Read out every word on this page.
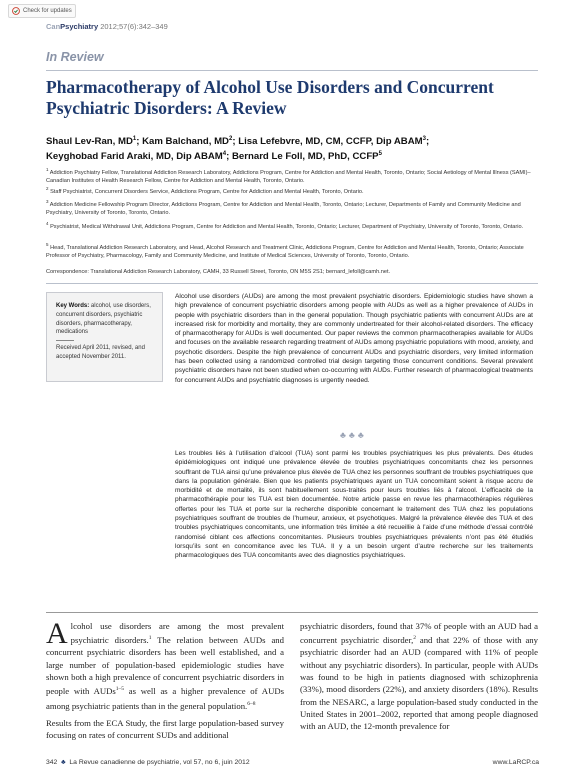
Check for updates
CanPsychiatry 2012;57(6):342–349
In Review
Pharmacotherapy of Alcohol Use Disorders and Concurrent Psychiatric Disorders: A Review
Shaul Lev-Ran, $MD^1$; Kam Balchand, $MD^2$; Lisa Lefebvre, MD, CM, CCFP, Dip ABAM$^3$;
Keyghobad Farid Araki, MD, Dip ABAM$^4$; Bernard Le Foll, MD, PhD, CCFP$^5$
$^1$ Addiction Psychiatry Fellow, Translational Addiction Research Laboratory, Addictions Program, Centre for Addiction and Mental Health, Toronto, Ontario; Social Aetiology of Mental Illness (SAMI)–Canadian Institutes of Health Research Fellow, Centre for Addiction and Mental Health, Toronto, Ontario.
$^2$ Staff Psychiatrist, Concurrent Disorders Service, Addictions Program, Centre for Addiction and Mental Health, Toronto, Ontario.
$^3$ Addiction Medicine Fellowship Program Director, Addictions Program, Centre for Addiction and Mental Health, Toronto, Ontario; Lecturer, Departments of Family and Community Medicine and Psychiatry, University of Toronto, Toronto, Ontario.
$^4$ Psychiatrist, Medical Withdrawal Unit, Addictions Program, Centre for Addiction and Mental Health, Toronto, Ontario; Lecturer, Department of Psychiatry, University of Toronto, Toronto, Ontario.
$^5$ Head, Translational Addiction Research Laboratory, and Head, Alcohol Research and Treatment Clinic, Addictions Program, Centre for Addiction and Mental Health, Toronto, Ontario; Associate Professor of Psychiatry, Pharmacology, Family and Community Medicine, and Institute of Medical Sciences, University of Toronto, Toronto, Ontario.
Correspondence: Translational Addiction Research Laboratory, CAMH, 33 Russell Street, Toronto, ON M5S 2S1; bernard_lefoll@camh.net.
Key Words: alcohol, use disorders, concurrent disorders, psychiatric disorders, pharmacotherapy, medications
Received April 2011, revised, and accepted November 2011.
Alcohol use disorders (AUDs) are among the most prevalent psychiatric disorders. Epidemiologic studies have shown a high prevalence of concurrent psychiatric disorders among people with AUDs as well as a higher prevalence of AUDs in people with psychiatric disorders than in the general population. Though psychiatric patients with concurrent AUDs are at increased risk for morbidity and mortality, they are commonly undertreated for their alcohol-related disorders. The efficacy of pharmacotherapy for AUDs is well documented. Our paper reviews the common pharmacotherapies available for AUDs and focuses on the available research regarding treatment of AUDs among psychiatric populations with mood, anxiety, and psychotic disorders. Despite the high prevalence of concurrent AUDs and psychiatric disorders, very limited information has been collected using a randomized controlled trial design targeting those concurrent conditions. Several prevalent psychiatric disorders have not been studied when co-occurring with AUDs. Further research of pharmacological treatments for concurrent AUDs and psychiatric diagnoses is urgently needed.
♣♣♣
Les troubles liés à l’utilisation d’alcool (TUA) sont parmi les troubles psychiatriques les plus prévalents. Des études épidémiologiques ont indiqué une prévalence élevée de troubles psychiatriques concomitants chez les personnes souffrant de TUA ainsi qu’une prévalence plus élevée de TUA chez les personnes souffrant de troubles psychiatriques que dans la population générale. Bien que les patients psychiatriques ayant un TUA concomitant soient à risque accru de morbidité et de mortalité, ils sont habituellement sous-traités pour leurs troubles liés à l’alcool. L’efficacité de la pharmacothérapie pour les TUA est bien documentée. Notre article passe en revue les pharmacothérapies régulières offertes pour les TUA et porte sur la recherche disponible concernant le traitement des TUA chez les populations psychiatriques souffrant de troubles de l’humeur, anxieux, et psychotiques. Malgré la prévalence élevée des TUA et des troubles psychiatriques concomitants, une information très limitée a été recueillie à l’aide d’une méthode d’essai contrôlé randomisé ciblant ces affections concomitantes. Plusieurs troubles psychiatriques prévalents n’ont pas été étudiés lorsqu’ils sont en concomitance avec les TUA. Il y a un besoin urgent d’autre recherche sur les traitements pharmacologiques des TUA concomitants avec des diagnostics psychiatriques.
Alcohol use disorders are among the most prevalent psychiatric disorders.$^1$ The relation between AUDs and concurrent psychiatric disorders has been well established, and a large number of population-based epidemiologic studies have shown both a high prevalence of concurrent psychiatric disorders in people with AUDs$^{1-5}$ as well as a higher prevalence of AUDs among psychiatric patients than in the general population.$^{6-8}$
Results from the ECA Study, the first large population-based survey focusing on rates of concurrent SUDs and additional
psychiatric disorders, found that 37% of people with an AUD had a concurrent psychiatric disorder,$^2$ and that 22% of those with any psychiatric disorder had an AUD (compared with 11% of people without any psychiatric disorders). In particular, people with AUDs was found to be high in patients diagnosed with schizophrenia (33%), mood disorders (22%), and anxiety disorders (18%). Results from the NESARC, a large population-based study conducted in the United States in 2001–2002, reported that among people diagnosed with an AUD, the 12-month prevalence for
342  ♣  La Revue canadienne de psychiatrie, vol 57, no 6, juin 2012	www.LaRCP.ca
